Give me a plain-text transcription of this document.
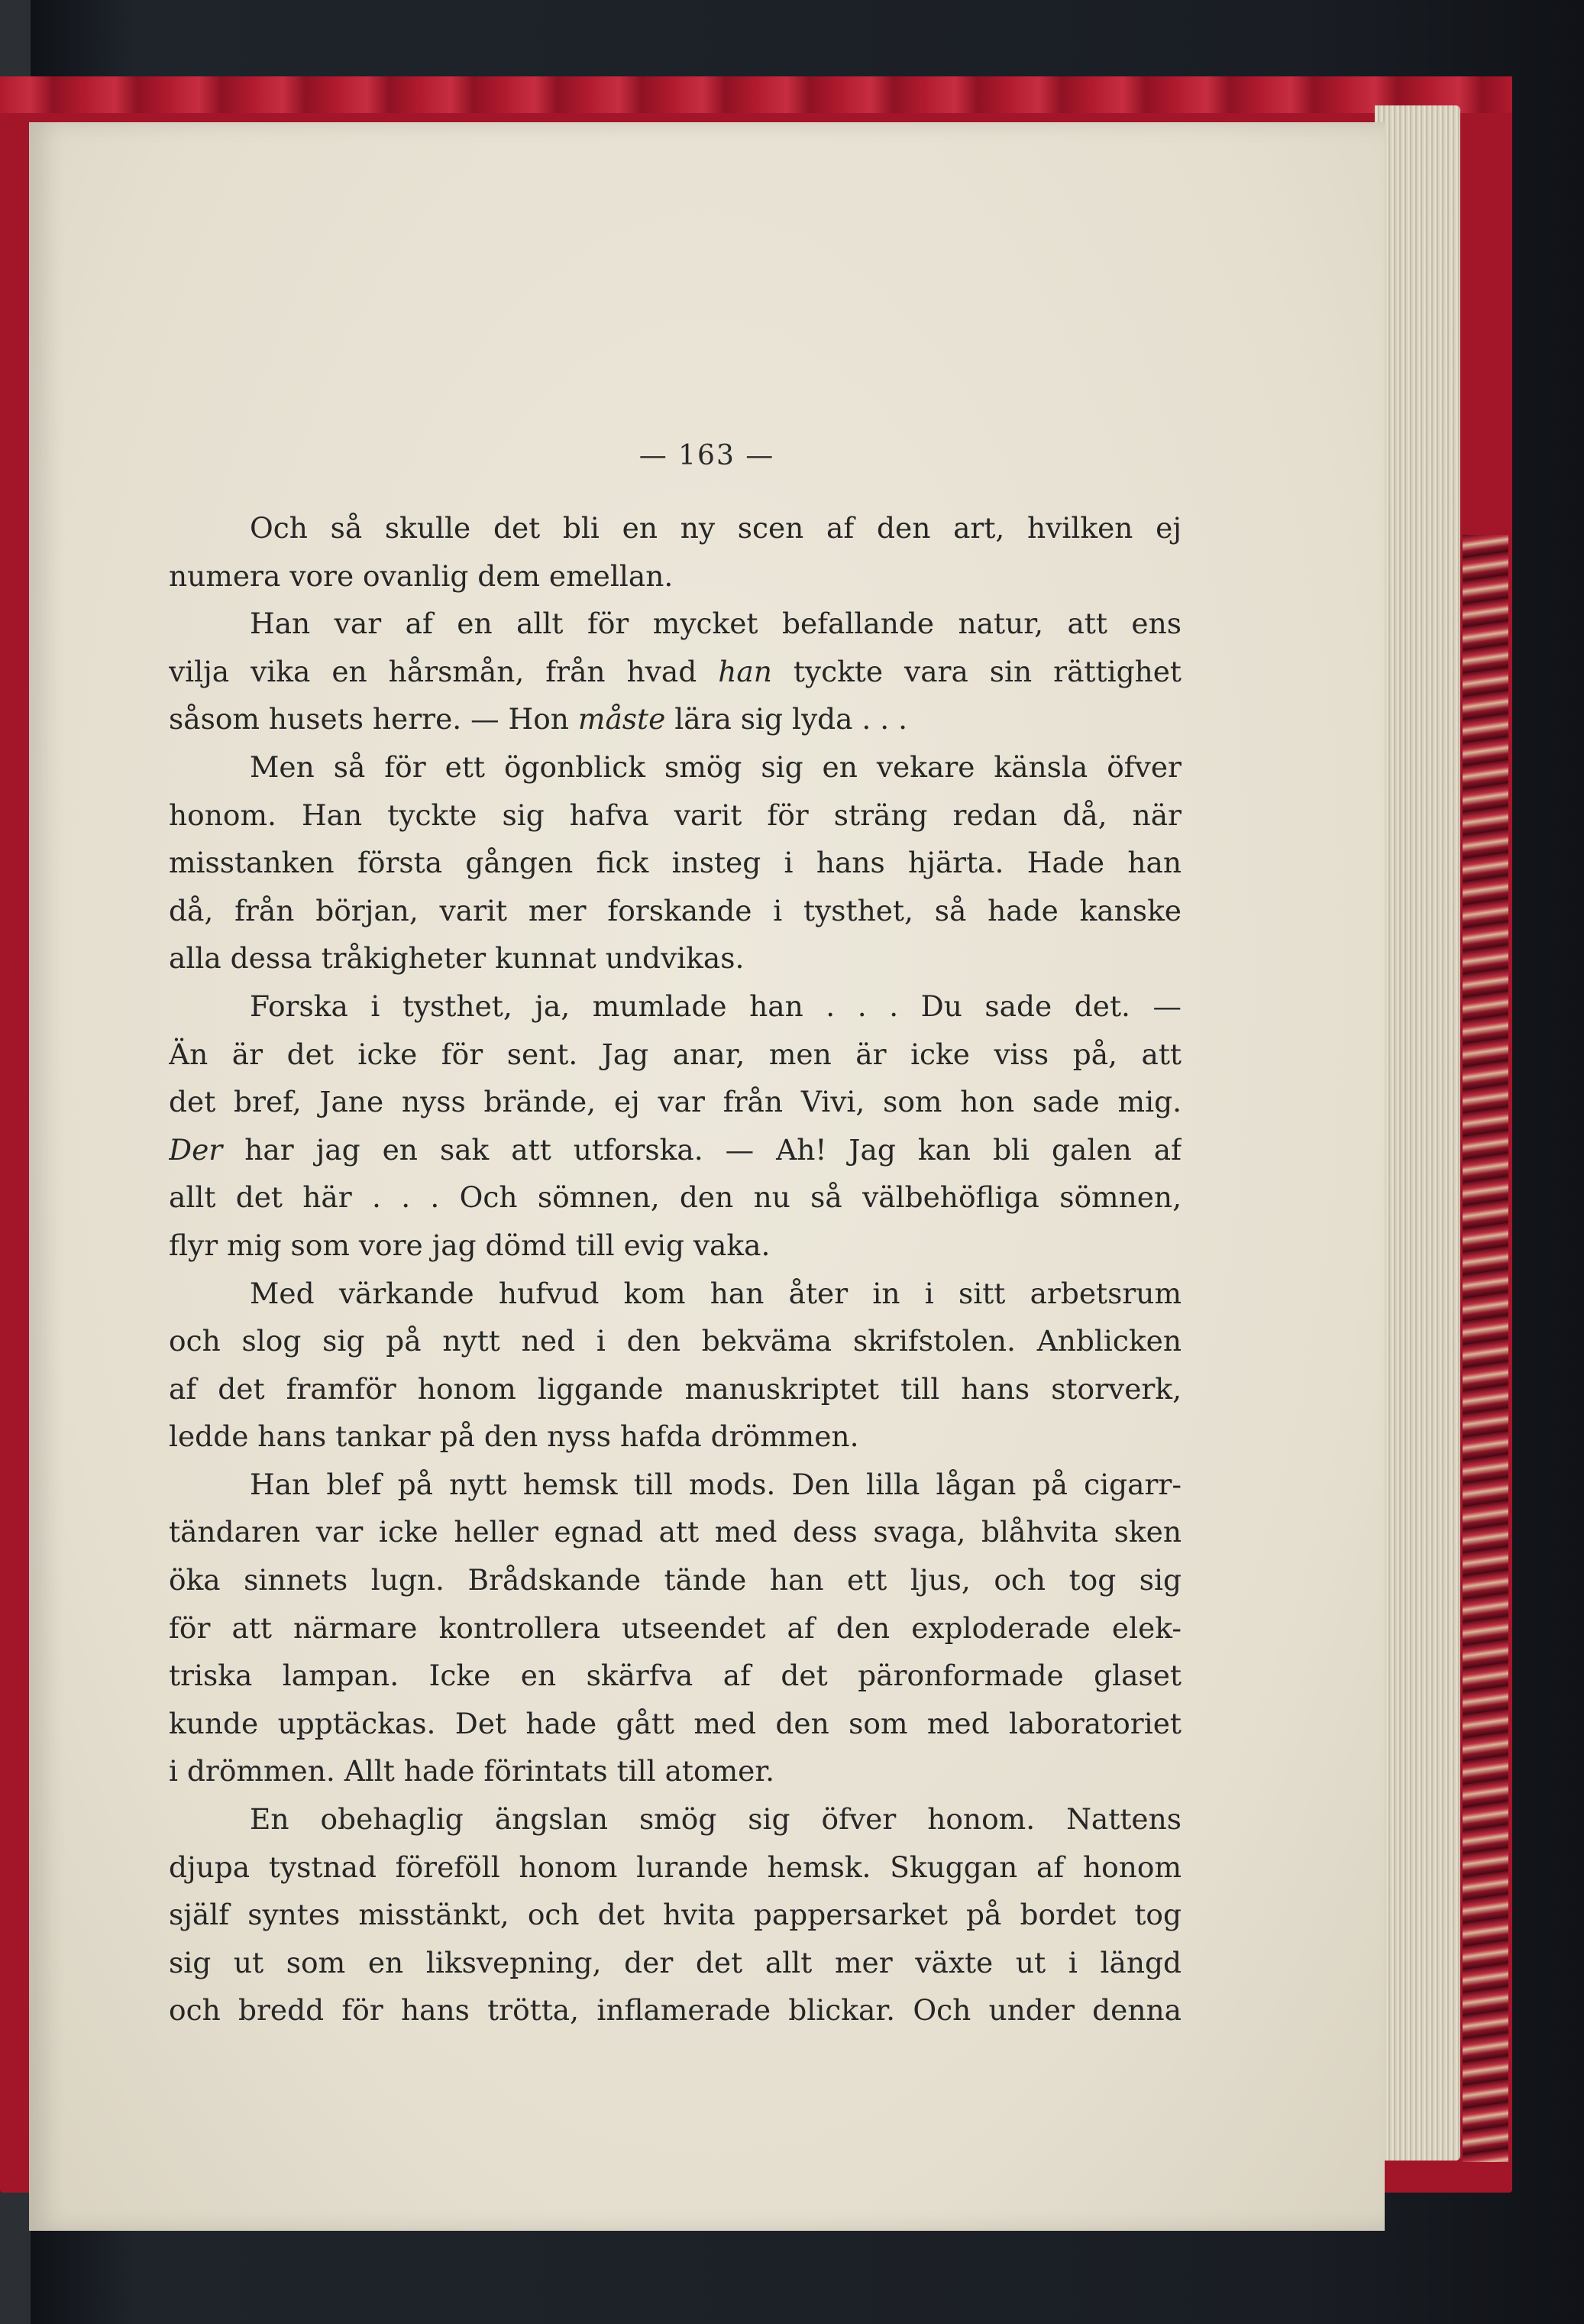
— 163 —
Och så skulle det bli en ny scen af den art, hvilken ej
numera vore ovanlig dem emellan.
Han var af en allt för mycket befallande natur, att ens
vilja vika en hårsmån, från hvad han tyckte vara sin rättighet
såsom husets herre. — Hon måste lära sig lyda . . .
Men så för ett ögonblick smög sig en vekare känsla öfver
honom. Han tyckte sig hafva varit för sträng redan då, när
misstanken första gången fick insteg i hans hjärta. Hade han
då, från början, varit mer forskande i tysthet, så hade kanske
alla dessa tråkigheter kunnat undvikas.
Forska i tysthet, ja, mumlade han . . . Du sade det. —
Än är det icke för sent. Jag anar, men är icke viss på, att
det bref, Jane nyss brände, ej var från Vivi, som hon sade mig.
Der har jag en sak att utforska. — Ah! Jag kan bli galen af
allt det här . . . Och sömnen, den nu så välbehöfliga sömnen,
flyr mig som vore jag dömd till evig vaka.
Med värkande hufvud kom han åter in i sitt arbetsrum
och slog sig på nytt ned i den bekväma skrifstolen. Anblicken
af det framför honom liggande manuskriptet till hans storverk,
ledde hans tankar på den nyss hafda drömmen.
Han blef på nytt hemsk till mods. Den lilla lågan på cigarr-
tändaren var icke heller egnad att med dess svaga, blåhvita sken
öka sinnets lugn. Brådskande tände han ett ljus, och tog sig
för att närmare kontrollera utseendet af den exploderade elek-
triska lampan. Icke en skärfva af det päronformade glaset
kunde upptäckas. Det hade gått med den som med laboratoriet
i drömmen. Allt hade förintats till atomer.
En obehaglig ängslan smög sig öfver honom. Nattens
djupa tystnad föreföll honom lurande hemsk. Skuggan af honom
själf syntes misstänkt, och det hvita pappersarket på bordet tog
sig ut som en liksvepning, der det allt mer växte ut i längd
och bredd för hans trötta, inflamerade blickar. Och under denna
